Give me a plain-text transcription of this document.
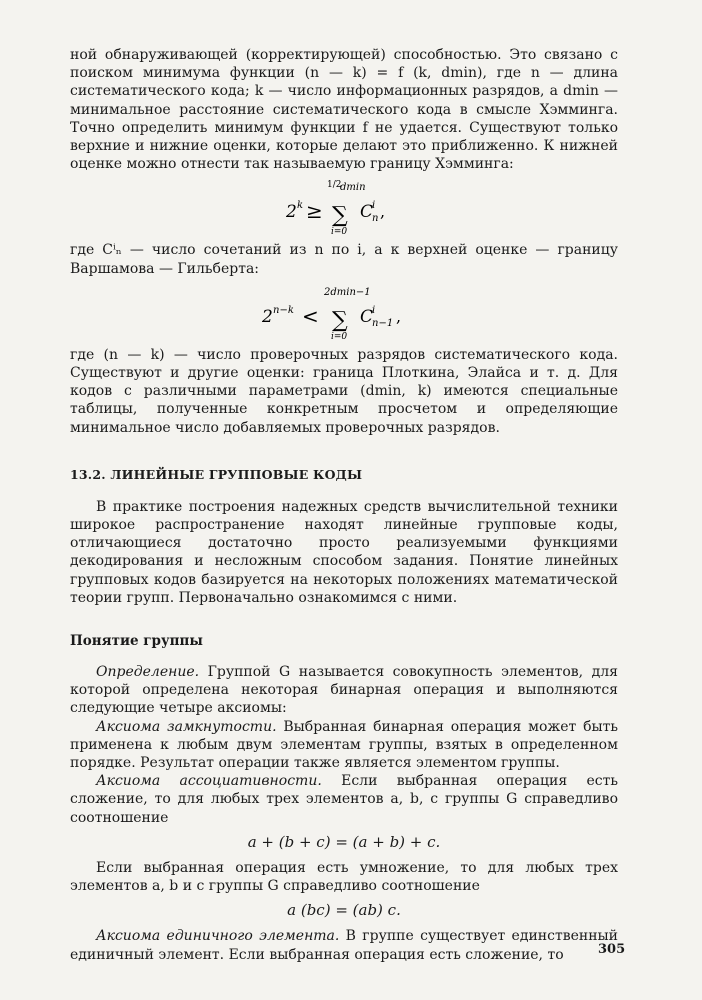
ной обнаруживающей (корректирующей) способностью. Это связано с поиском минимума функции (n — k) = f (k, dmin), где n — длина систематического кода; k — число информационных разрядов, a dmin — минимальное расстояние систематического кода в смысле Хэмминга. Точно определить минимум функции f не удается. Существуют только верхние и нижние оценки, которые делают это приближенно. К нижней оценке можно отнести так называемую границу Хэмминга:

2 k ≥
1/2
dmin
∑
i=0
C
i
n ,

где Cⁱₙ — число сочетаний из n по i, а к верхней оценке — границу Варшамова — Гильберта:

2 n−k <
2dmin−1
∑
i=0
C
i
n−1 ,

где (n — k) — число проверочных разрядов систематического кода. Существуют и другие оценки: граница Плоткина, Элайса и т. д. Для кодов с различными параметрами (dmin, k) имеются специальные таблицы, полученные конкретным просчетом и определяющие минимальное число добавляемых проверочных разрядов.

13.2. ЛИНЕЙНЫЕ ГРУППОВЫЕ КОДЫ

В практике построения надежных средств вычислительной техники широкое распространение находят линейные групповые коды, отличающиеся достаточно просто реализуемыми функциями декодирования и несложным способом задания. Понятие линейных групповых кодов базируется на некоторых положениях математической теории групп. Первоначально ознакомимся с ними.

Понятие группы

Определение. Группой G называется совокупность элементов, для которой определена некоторая бинарная операция и выполняются следующие четыре аксиомы:

Аксиома замкнутости. Выбранная бинарная операция может быть применена к любым двум элементам группы, взятых в определенном порядке. Результат операции также является элементом группы.

Аксиома ассоциативности. Если выбранная операция есть сложение, то для любых трех элементов a, b, c группы G справедливо соотношение

a + (b + c) = (a + b) + c.

Если выбранная операция есть умножение, то для любых трех элементов a, b и c группы G справедливо соотношение

a (bc) = (ab) c.

Аксиома единичного элемента. В группе существует единственный единичный элемент. Если выбранная операция есть сложение, то	305
